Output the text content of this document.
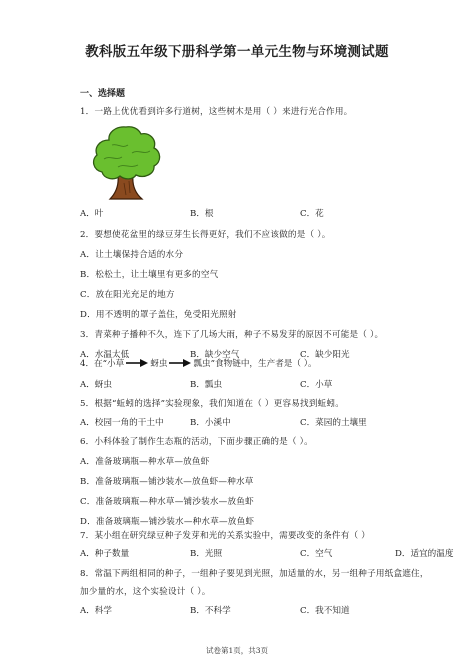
教科版五年级下册科学第一单元生物与环境测试题
一、选择题
1．一路上优优看到许多行道树，这些树木是用（ ）来进行光合作用。
A．叶	B．根	C．花
2．要想使花盆里的绿豆芽生长得更好，我们不应该做的是（ ）。
A．让土壤保持合适的水分
B．松松土，让土壤里有更多的空气
C．放在阳光充足的地方
D．用不透明的罩子盖住，免受阳光照射
3．青菜种子播种不久，连下了几场大雨，种子不易发芽的原因不可能是（ ）。
A．水温太低	B．缺少空气	C．缺少阳光
4．在“小草	蚜虫	瓢虫”食物链中，生产者是（ ）。
A．蚜虫	B．瓢虫	C．小草
5．根据“蚯蚓的选择”实验现象，我们知道在（ ）更容易找到蚯蚓。
A．校园一角的干土中	B．小溪中	C．菜园的土壤里
6．小科体验了制作生态瓶的活动，下面步骤正确的是（ ）。
A．准备玻璃瓶—种水草—放鱼虾
B．准备玻璃瓶—铺沙装水—放鱼虾—种水草
C．准备玻璃瓶—种水草—铺沙装水—放鱼虾
D．准备玻璃瓶—铺沙装水—种水草—放鱼虾
7．某小组在研究绿豆种子发芽和光的关系实验中，需要改变的条件有（ ）
A．种子数量	B．光照	C．空气	D．适宜的温度
8．常温下两组相同的种子，一组种子要见到光照，加适量的水，另一组种子用纸盒遮住，
加少量的水，这个实验设计（ ）。
A．科学	B．不科学	C．我不知道
试卷第1页，共3页
